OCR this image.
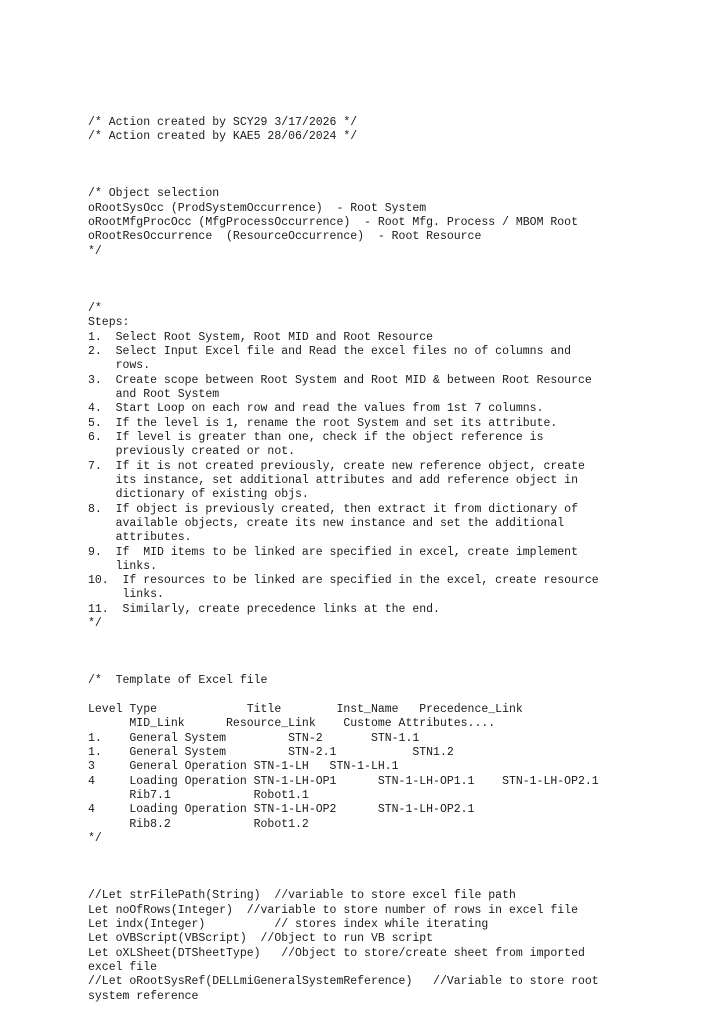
/* Action created by SCY29 3/17/2026 */
/* Action created by KAE5 28/06/2024 */

/* Object selection
oRootSysOcc (ProdSystemOccurrence)  - Root System
oRootMfgProcOcc (MfgProcessOccurrence)  - Root Mfg. Process / MBOM Root
oRootResOccurrence  (ResourceOccurrence)  - Root Resource
*/

/*
Steps:
1.  Select Root System, Root MID and Root Resource
2.  Select Input Excel file and Read the excel files no of columns and
rows.
3.  Create scope between Root System and Root MID & between Root Resource
and Root System
4.  Start Loop on each row and read the values from 1st 7 columns.
5.  If the level is 1, rename the root System and set its attribute.
6.  If level is greater than one, check if the object reference is
previously created or not.
7.  If it is not created previously, create new reference object, create
its instance, set additional attributes and add reference object in
dictionary of existing objs.
8.  If object is previously created, then extract it from dictionary of
available objects, create its new instance and set the additional
attributes.
9.  If  MID items to be linked are specified in excel, create implement
links.
10.  If resources to be linked are specified in the excel, create resource
links.
11.  Similarly, create precedence links at the end.
*/

/*  Template of Excel file

Level Type             Title        Inst_Name   Precedence_Link
MID_Link      Resource_Link    Custome Attributes....
1.    General System         STN-2       STN-1.1
1.    General System         STN-2.1           STN1.2
3     General Operation STN-1-LH   STN-1-LH.1
4     Loading Operation STN-1-LH-OP1      STN-1-LH-OP1.1    STN-1-LH-OP2.1
Rib7.1            Robot1.1
4     Loading Operation STN-1-LH-OP2      STN-1-LH-OP2.1
Rib8.2            Robot1.2
*/

//Let strFilePath(String)  //variable to store excel file path
Let noOfRows(Integer)  //variable to store number of rows in excel file
Let indx(Integer)          // stores index while iterating
Let oVBScript(VBScript)  //Object to run VB script
Let oXLSheet(DTSheetType)   //Object to store/create sheet from imported
excel file
//Let oRootSysRef(DELLmiGeneralSystemReference)   //Variable to store root
system reference
